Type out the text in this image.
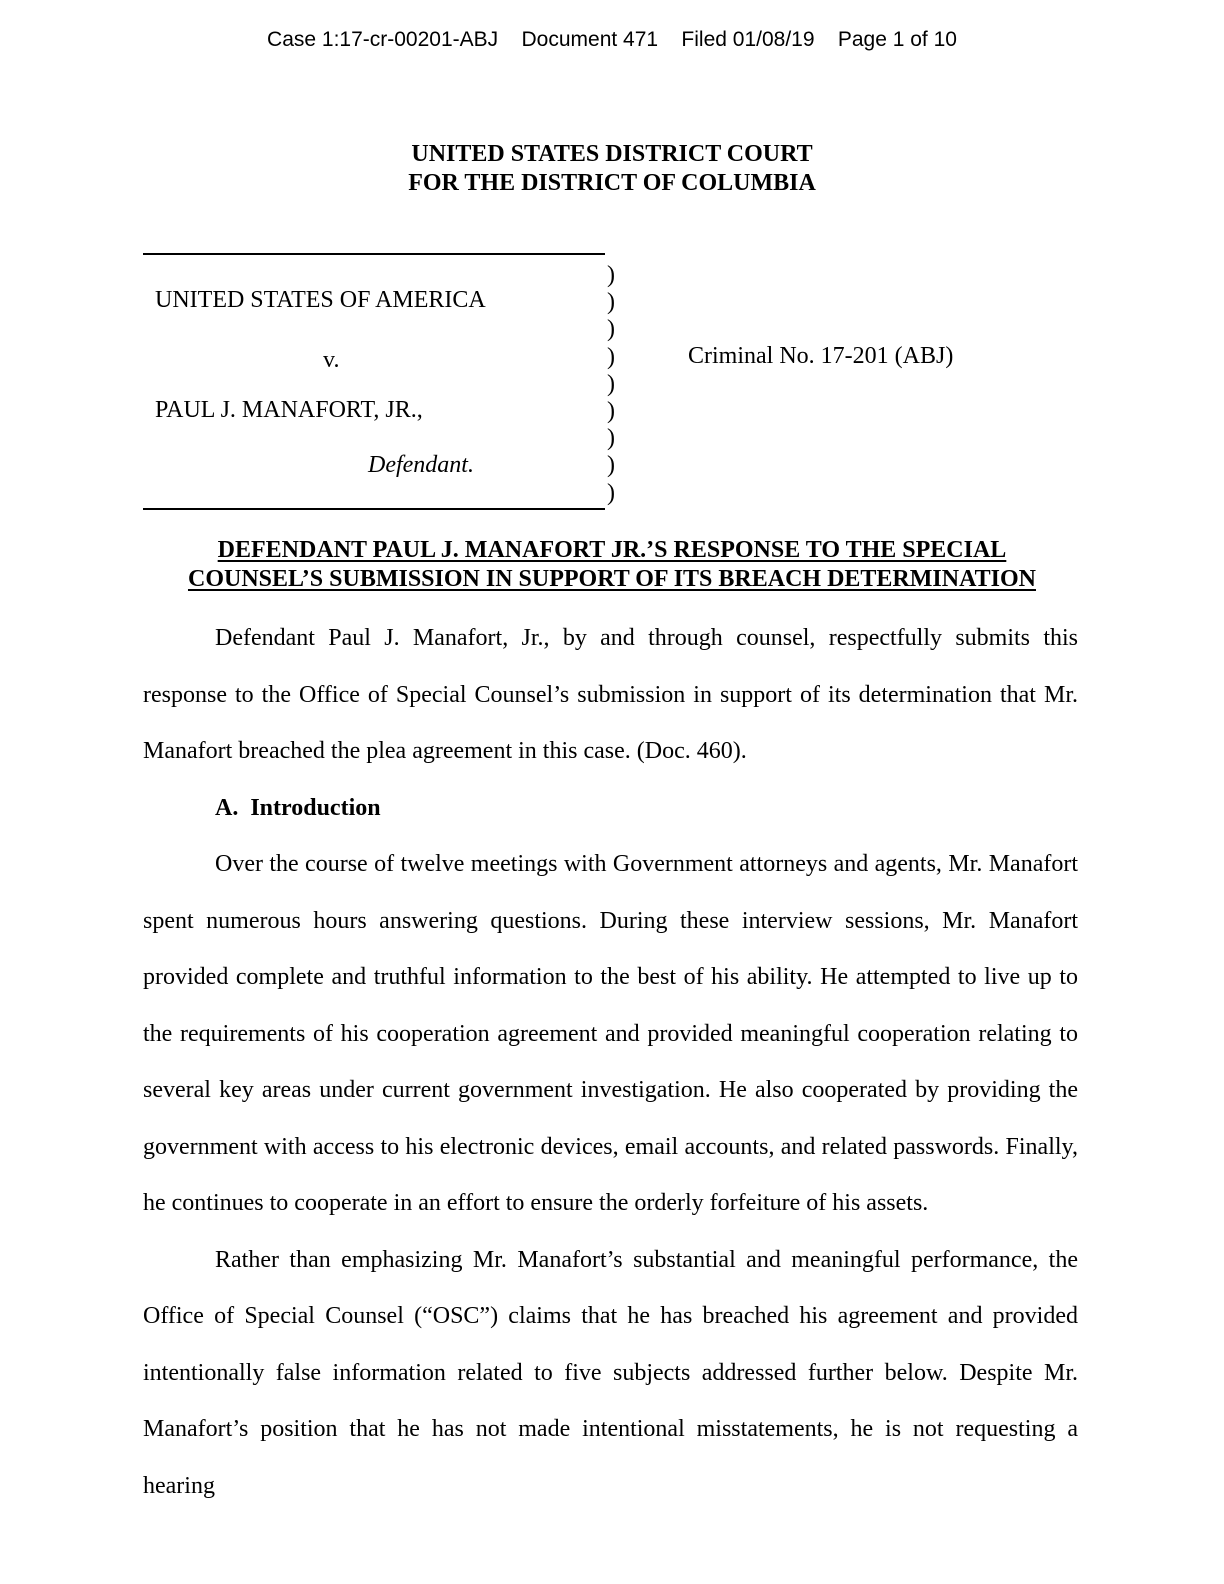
Case 1:17-cr-00201-ABJ    Document 471    Filed 01/08/19    Page 1 of 10
UNITED STATES DISTRICT COURT
FOR THE DISTRICT OF COLUMBIA
UNITED STATES OF AMERICA
v.
PAUL J. MANAFORT, JR.,
Defendant.
)
)
)
)
)
)
)
)
)
Criminal No. 17-201 (ABJ)
DEFENDANT PAUL J. MANAFORT JR.’S RESPONSE TO THE SPECIAL
COUNSEL’S SUBMISSION IN SUPPORT OF ITS BREACH DETERMINATION

Defendant Paul J. Manafort, Jr., by and through counsel, respectfully submits this response to the Office of Special Counsel’s submission in support of its determination that Mr. Manafort breached the plea agreement in this case. (Doc. 460).

A.  Introduction

Over the course of twelve meetings with Government attorneys and agents, Mr. Manafort spent numerous hours answering questions. During these interview sessions, Mr. Manafort provided complete and truthful information to the best of his ability. He attempted to live up to the requirements of his cooperation agreement and provided meaningful cooperation relating to several key areas under current government investigation. He also cooperated by providing the government with access to his electronic devices, email accounts, and related passwords. Finally, he continues to cooperate in an effort to ensure the orderly forfeiture of his assets.

Rather than emphasizing Mr. Manafort’s substantial and meaningful performance, the Office of Special Counsel (“OSC”) claims that he has breached his agreement and provided intentionally false information related to five subjects addressed further below. Despite Mr. Manafort’s position that he has not made intentional misstatements, he is not requesting a hearing
